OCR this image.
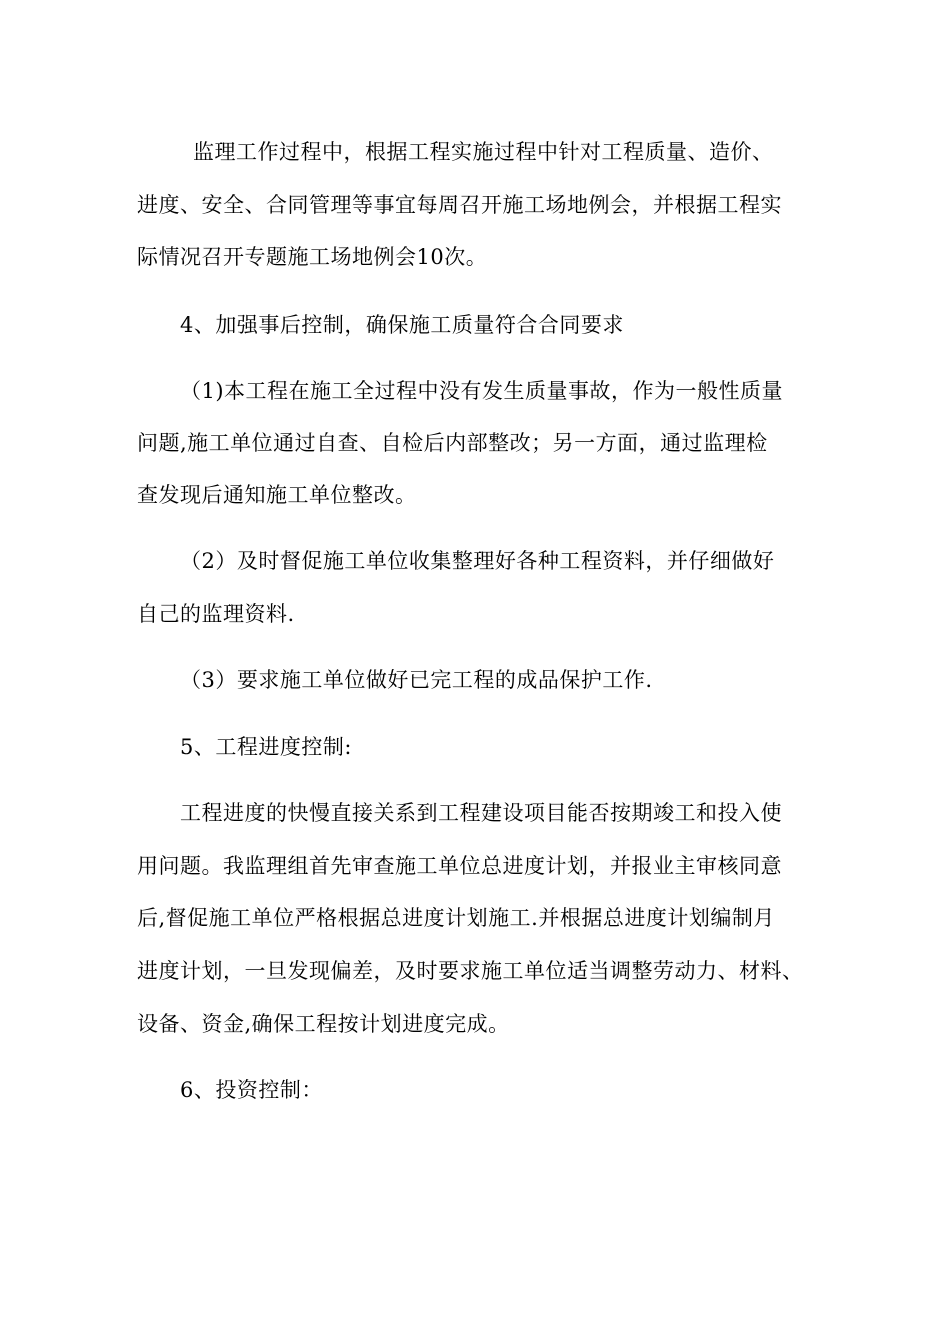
监理工作过程中，根据工程实施过程中针对工程质量、造价、
进度、安全、合同管理等事宜每周召开施工场地例会，并根据工程实
际情况召开专题施工场地例会10次。
4、加强事后控制，确保施工质量符合合同要求
（1)本工程在施工全过程中没有发生质量事故，作为一般性质量
问题,施工单位通过自查、自检后内部整改；另一方面，通过监理检
查发现后通知施工单位整改。
（2）及时督促施工单位收集整理好各种工程资料，并仔细做好
自己的监理资料.
（3）要求施工单位做好已完工程的成品保护工作.
5、工程进度控制:
工程进度的快慢直接关系到工程建设项目能否按期竣工和投入使
用问题。我监理组首先审查施工单位总进度计划，并报业主审核同意
后,督促施工单位严格根据总进度计划施工.并根据总进度计划编制月
进度计划，一旦发现偏差，及时要求施工单位适当调整劳动力、材料、
设备、资金,确保工程按计划进度完成。
6、投资控制：
